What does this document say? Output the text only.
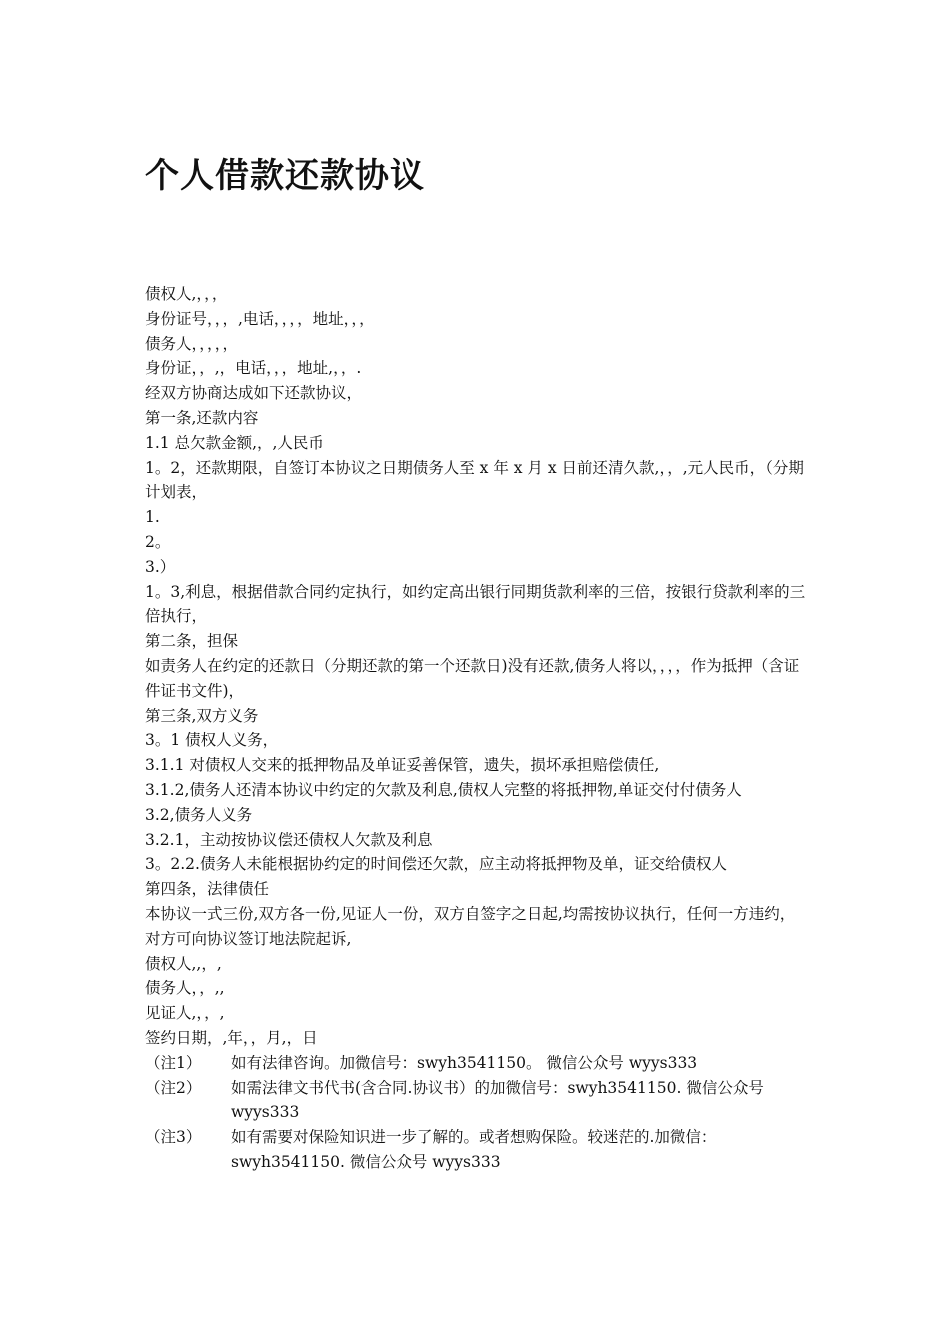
个人借款还款协议
债权人,，，，
身份证号，，，,电话，，，，地址，，，
债务人，，，，，
身份证，，,，电话，，，地址,，，.
经双方协商达成如下还款协议，
第一条,还款内容
1.1 总欠款金额,，,人民币
1。2，还款期限，自签订本协议之日期债务人至 x 年 x 月 x 日前还清久款,，，,元人民币，（分期计划表，
1.
2。
3.）
1。3,利息，根据借款合同约定执行，如约定高出银行同期货款利率的三倍，按银行贷款利率的三倍执行，
第二条，担保
如责务人在约定的还款日（分期还款的第一个还款日)没有还款,债务人将以，，，，作为抵押（含证件证书文件)，
第三条,双方义务
3。1 债权人义务，
3.1.1 对债权人交来的抵押物品及单证妥善保管，遗失，损坏承担赔偿债任,
3.1.2,债务人还清本协议中约定的欠款及利息,债权人完整的将抵押物,单证交付付债务人
3.2,债务人义务
3.2.1，主动按协议偿还债权人欠款及利息
3。2.2.债务人未能根据协约定的时间偿还欠款，应主动将抵押物及单，证交给债权人
第四条，法律债任
本协议一式三份,双方各一份,见证人一份，双方自签字之日起,均需按协议执行，任何一方违约，对方可向协议签订地法院起诉,
债权人,,，,
债务人，，,,
见证人,，，,
签约日期，,年，，月,，日
（注1）	如有法律咨询。加微信号：swyh3541150。 微信公众号 wyys333
（注2）	如需法律文书代书(含合同.协议书）的加微信号：swyh3541150. 微信公众号 wyys333
（注3）	如有需要对保险知识进一步了解的。或者想购保险。较迷茫的.加微信：swyh3541150. 微信公众号 wyys333
